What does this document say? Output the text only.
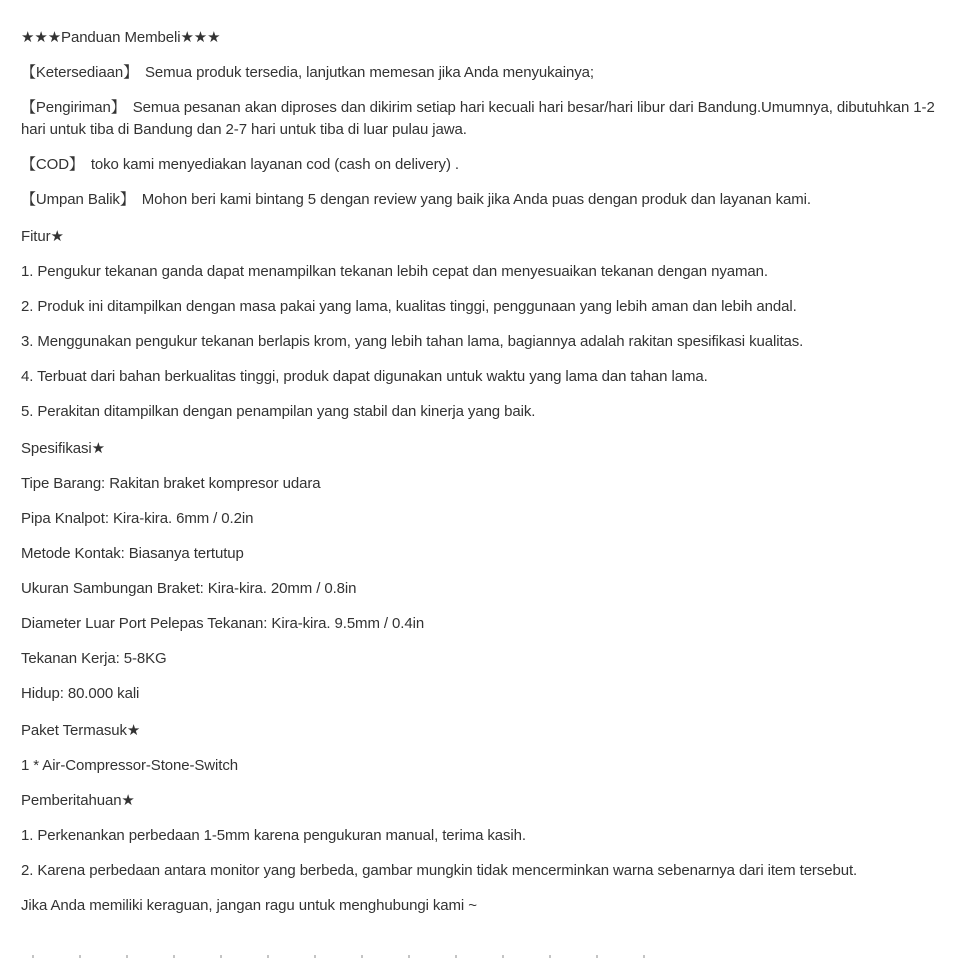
★★★Panduan Membeli★★★

【Ketersediaan】 Semua produk tersedia, lanjutkan memesan jika Anda menyukainya;

【Pengiriman】 Semua pesanan akan diproses dan dikirim setiap hari kecuali hari besar/hari libur dari Bandung.Umumnya, dibutuhkan 1-2 hari untuk tiba di Bandung dan 2-7 hari untuk tiba di luar pulau jawa.

【COD】 toko kami menyediakan layanan cod (cash on delivery) .

【Umpan Balik】 Mohon beri kami bintang 5 dengan review yang baik jika Anda puas dengan produk dan layanan kami.

Fitur★

1. Pengukur tekanan ganda dapat menampilkan tekanan lebih cepat dan menyesuaikan tekanan dengan nyaman.

2. Produk ini ditampilkan dengan masa pakai yang lama, kualitas tinggi, penggunaan yang lebih aman dan lebih andal.

3. Menggunakan pengukur tekanan berlapis krom, yang lebih tahan lama, bagiannya adalah rakitan spesifikasi kualitas.

4. Terbuat dari bahan berkualitas tinggi, produk dapat digunakan untuk waktu yang lama dan tahan lama.

5. Perakitan ditampilkan dengan penampilan yang stabil dan kinerja yang baik.

Spesifikasi★

Tipe Barang: Rakitan braket kompresor udara

Pipa Knalpot: Kira-kira. 6mm / 0.2in

Metode Kontak: Biasanya tertutup

Ukuran Sambungan Braket: Kira-kira. 20mm / 0.8in

Diameter Luar Port Pelepas Tekanan: Kira-kira. 9.5mm / 0.4in

Tekanan Kerja: 5-8KG

Hidup: 80.000 kali

Paket Termasuk★

1 * Air-Compressor-Stone-Switch

Pemberitahuan★

1. Perkenankan perbedaan 1-5mm karena pengukuran manual, terima kasih.

2. Karena perbedaan antara monitor yang berbeda, gambar mungkin tidak mencerminkan warna sebenarnya dari item tersebut.

Jika Anda memiliki keraguan, jangan ragu untuk menghubungi kami ~
